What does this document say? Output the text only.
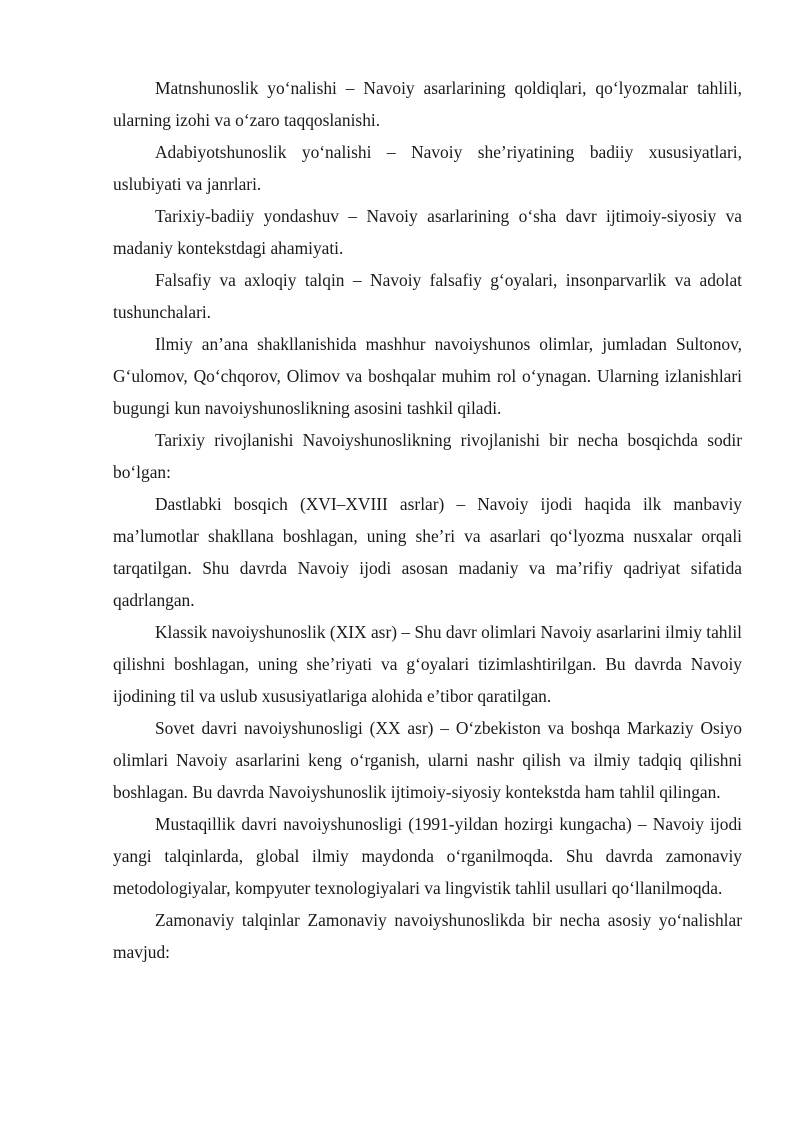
Matnshunoslik yo‘nalishi – Navoiy asarlarining qoldiqlari, qo‘lyozmalar tahlili, ularning izohi va o‘zaro taqqoslanishi.

Adabiyotshunoslik yo‘nalishi – Navoiy she’riyatining badiiy xususiyatlari, uslubiyati va janrlari.

Tarixiy-badiiy yondashuv – Navoiy asarlarining o‘sha davr ijtimoiy-siyosiy va madaniy kontekstdagi ahamiyati.

Falsafiy va axloqiy talqin – Navoiy falsafiy g‘oyalari, insonparvarlik va adolat tushunchalari.

Ilmiy an’ana shakllanishida mashhur navoiyshunos olimlar, jumladan Sultonov, G‘ulomov, Qo‘chqorov, Olimov va boshqalar muhim rol o‘ynagan. Ularning izlanishlari bugungi kun navoiyshunoslikning asosini tashkil qiladi.

Tarixiy rivojlanishi Navoiyshunoslikning rivojlanishi bir necha bosqichda sodir bo‘lgan:

Dastlabki bosqich (XVI–XVIII asrlar) – Navoiy ijodi haqida ilk manbaviy ma’lumotlar shakllana boshlagan, uning she’ri va asarlari qo‘lyozma nusxalar orqali tarqatilgan. Shu davrda Navoiy ijodi asosan madaniy va ma’rifiy qadriyat sifatida qadrlangan.

Klassik navoiyshunoslik (XIX asr) – Shu davr olimlari Navoiy asarlarini ilmiy tahlil qilishni boshlagan, uning she’riyati va g‘oyalari tizimlashtirilgan. Bu davrda Navoiy ijodining til va uslub xususiyatlariga alohida e’tibor qaratilgan.

Sovet davri navoiyshunosligi (XX asr) – O‘zbekiston va boshqa Markaziy Osiyo olimlari Navoiy asarlarini keng o‘rganish, ularni nashr qilish va ilmiy tadqiq qilishni boshlagan. Bu davrda Navoiyshunoslik ijtimoiy-siyosiy kontekstda ham tahlil qilingan.

Mustaqillik davri navoiyshunosligi (1991-yildan hozirgi kungacha) – Navoiy ijodi yangi talqinlarda, global ilmiy maydonda o‘rganilmoqda. Shu davrda zamonaviy metodologiyalar, kompyuter texnologiyalari va lingvistik tahlil usullari qo‘llanilmoqda.

Zamonaviy talqinlar Zamonaviy navoiyshunoslikda bir necha asosiy yo‘nalishlar mavjud:
